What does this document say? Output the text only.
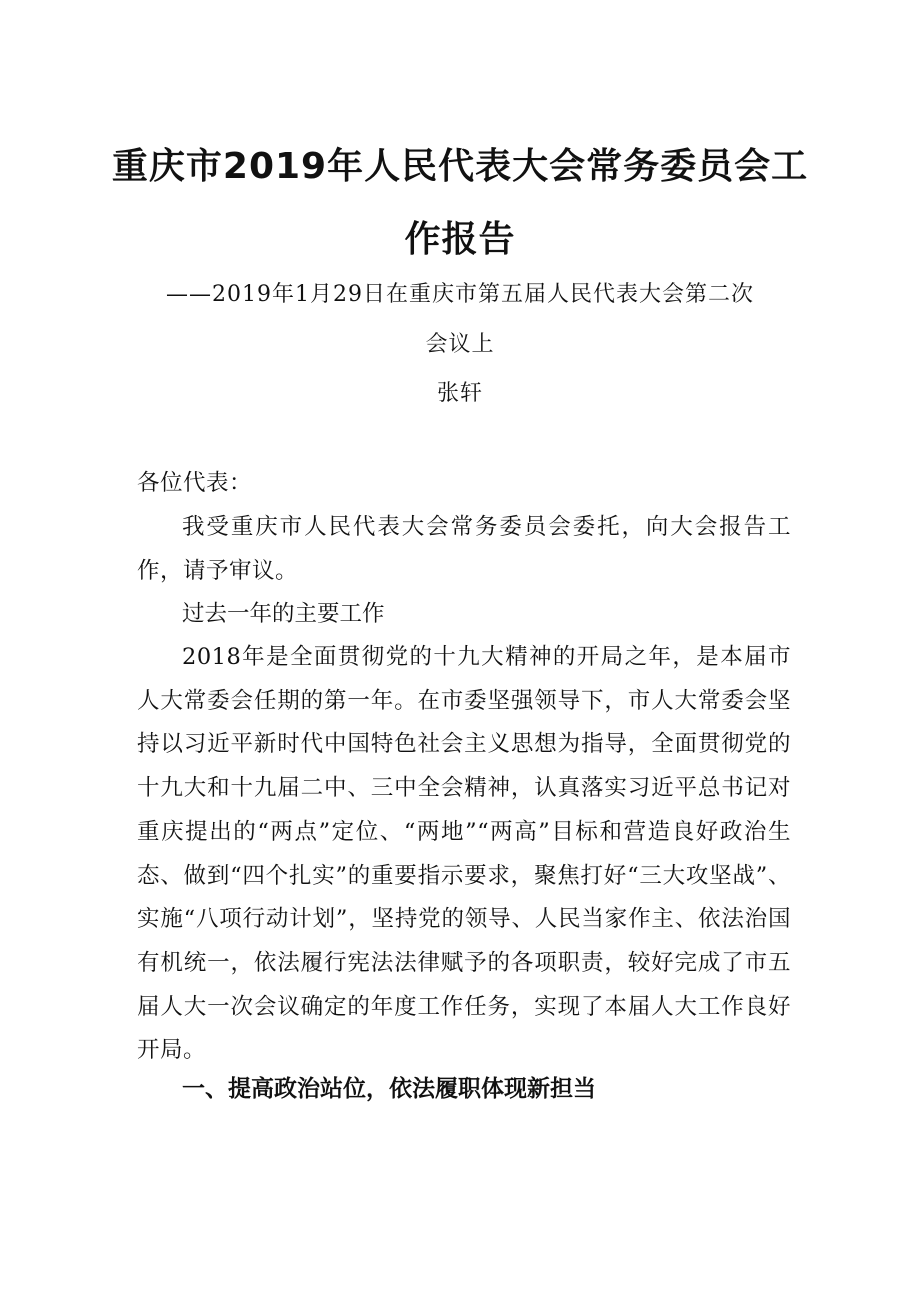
重庆市2019年人民代表大会常务委员会工
作报告

——2019年1月29日在重庆市第五届人民代表大会第二次

会议上

张轩

各位代表：

我受重庆市人民代表大会常务委员会委托，向大会报告工作，请予审议。

过去一年的主要工作

2018年是全面贯彻党的十九大精神的开局之年，是本届市人大常委会任期的第一年。在市委坚强领导下，市人大常委会坚持以习近平新时代中国特色社会主义思想为指导，全面贯彻党的十九大和十九届二中、三中全会精神，认真落实习近平总书记对重庆提出的“两点”定位、“两地”“两高”目标和营造良好政治生态、做到“四个扎实”的重要指示要求，聚焦打好“三大攻坚战”、实施“八项行动计划”，坚持党的领导、人民当家作主、依法治国有机统一，依法履行宪法法律赋予的各项职责，较好完成了市五届人大一次会议确定的年度工作任务，实现了本届人大工作良好开局。

一、提高政治站位，依法履职体现新担当
